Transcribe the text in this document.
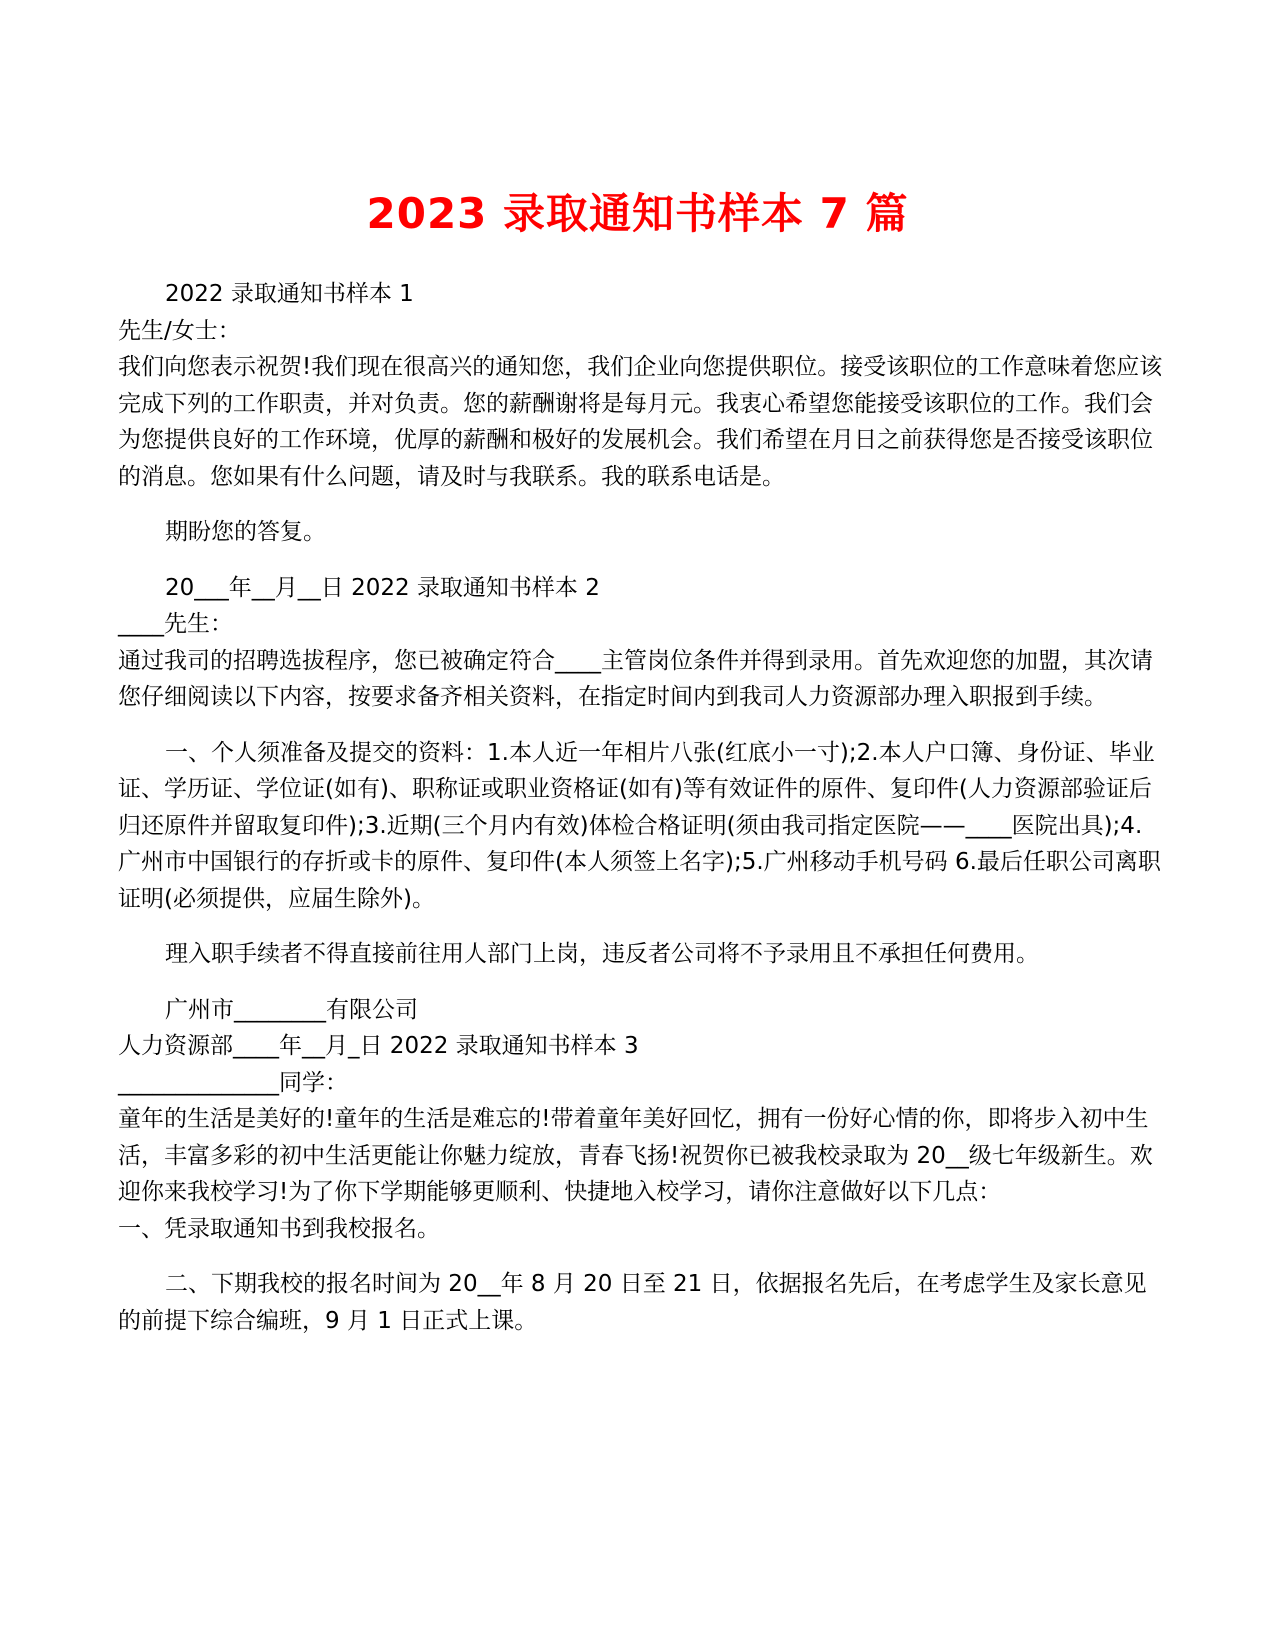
2023 录取通知书样本 7 篇

2022 录取通知书样本 1

先生/女士：

我们向您表示祝贺!我们现在很高兴的通知您，我们企业向您提供职位。接受该职位的工作意味着您应该完成下列的工作职责，并对负责。您的薪酬谢将是每月元。我衷心希望您能接受该职位的工作。我们会为您提供良好的工作环境，优厚的薪酬和极好的发展机会。我们希望在月日之前获得您是否接受该职位的消息。您如果有什么问题，请及时与我联系。我的联系电话是。

期盼您的答复。

20___年__月__日 2022 录取通知书样本 2

____先生：

通过我司的招聘选拔程序，您已被确定符合____主管岗位条件并得到录用。首先欢迎您的加盟，其次请您仔细阅读以下内容，按要求备齐相关资料，在指定时间内到我司人力资源部办理入职报到手续。

一、个人须准备及提交的资料：1.本人近一年相片八张(红底小一寸);2.本人户口簿、身份证、毕业证、学历证、学位证(如有)、职称证或职业资格证(如有)等有效证件的原件、复印件(人力资源部验证后归还原件并留取复印件);3.近期(三个月内有效)体检合格证明(须由我司指定医院——____医院出具);4.广州市中国银行的存折或卡的原件、复印件(本人须签上名字);5.广州移动手机号码 6.最后任职公司离职证明(必须提供，应届生除外)。

理入职手续者不得直接前往用人部门上岗，违反者公司将不予录用且不承担任何费用。

广州市________有限公司

人力资源部____年__月_日 2022 录取通知书样本 3

______________同学：

童年的生活是美好的!童年的生活是难忘的!带着童年美好回忆，拥有一份好心情的你，即将步入初中生活，丰富多彩的初中生活更能让你魅力绽放，青春飞扬!祝贺你已被我校录取为 20__级七年级新生。欢迎你来我校学习!为了你下学期能够更顺利、快捷地入校学习，请你注意做好以下几点：

一、凭录取通知书到我校报名。

二、下期我校的报名时间为 20__年 8 月 20 日至 21 日，依据报名先后，在考虑学生及家长意见的前提下综合编班，9 月 1 日正式上课。
